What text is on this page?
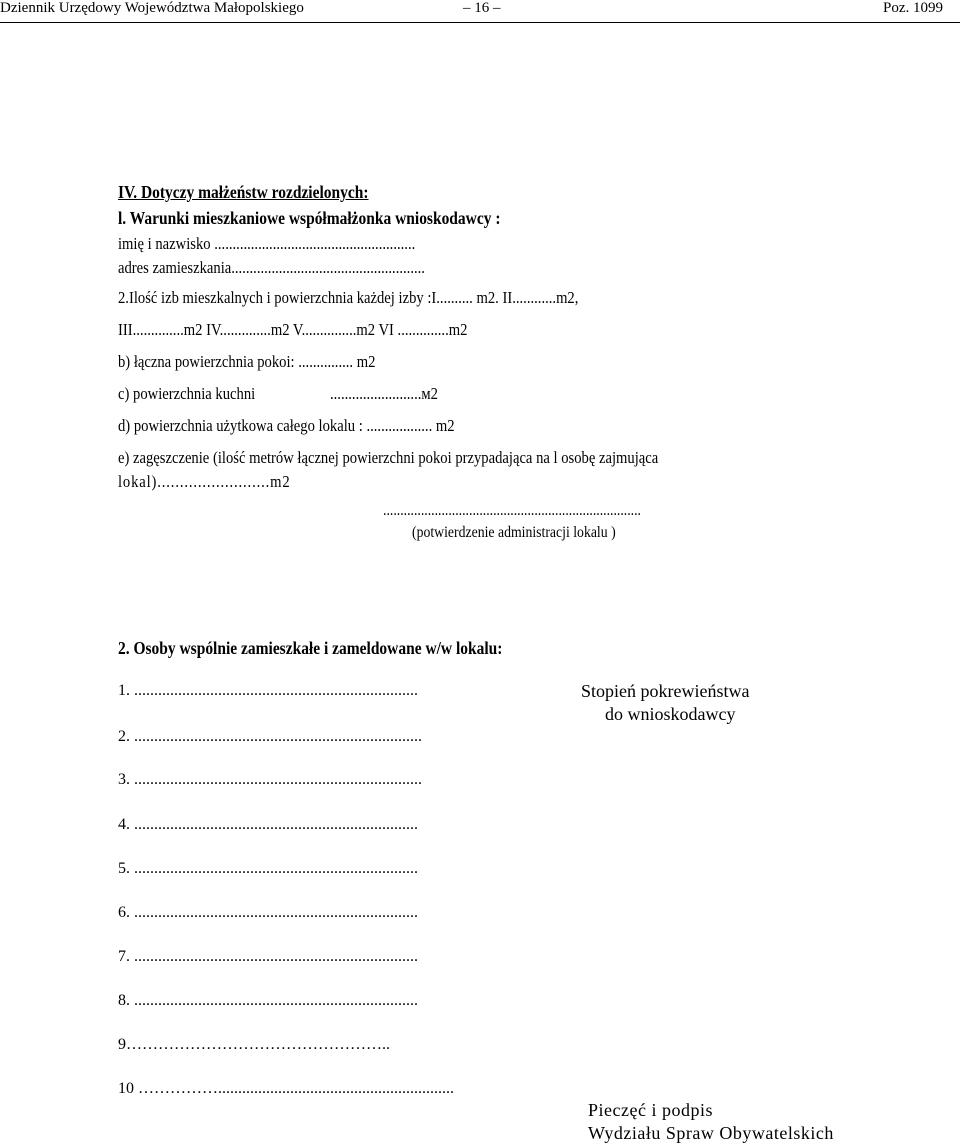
Dziennik Urzędowy Województwa Małopolskiego	– 16 –	Poz. 1099
IV. Dotyczy małżeństw rozdzielonych:
l. Warunki mieszkaniowe współmałżonka wnioskodawcy :
imię i nazwisko .......................................................
adres zamieszkania.....................................................
2.Ilość izb mieszkalnych i powierzchnia każdej izby :I.......... m2. II............m2,
III..............m2 IV..............m2 V...............m2 VI ..............m2
b) łączna powierzchnia pokoi: ............... m2
c) powierzchnia kuchni	.........................м2
d) powierzchnia użytkowa całego lokalu : .................. m2
e) zagęszczenie (ilość metrów łącznej powierzchni pokoi przypadająca na l osobę zajmująca
lokal).........................m2
...........................................................................
(potwierdzenie administracji lokalu )
2. Osoby wspólnie zamieszkałe i zameldowane w/w lokalu:
Stopień pokrewieństwa
do wnioskodawcy
1. .......................................................................
2. ........................................................................
3. ........................................................................
4. .......................................................................
5. .......................................................................
6. .......................................................................
7. .......................................................................
8. .......................................................................
9…………………………………………..
10 ……………...........................................................
Pieczęć i podpis
Wydziału Spraw Obywatelskich
